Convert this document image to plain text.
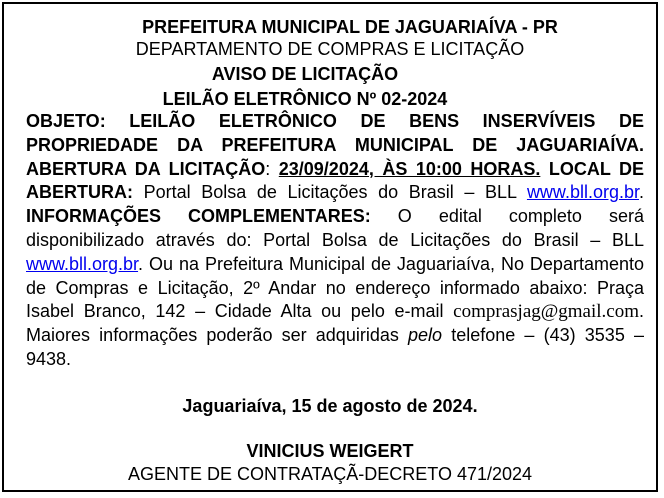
PREFEITURA MUNICIPAL DE JAGUARIAÍVA - PR
DEPARTAMENTO DE COMPRAS E LICITAÇÃO
AVISO DE LICITAÇÃO
LEILÃO ELETRÔNICO Nº 02-2024
OBJETO: LEILÃO ELETRÔNICO DE BENS INSERVÍVEIS DE PROPRIEDADE DA PREFEITURA MUNICIPAL DE JAGUARIAÍVA. ABERTURA DA LICITAÇÃO: 23/09/2024, ÀS 10:00 HORAS. LOCAL DE ABERTURA: Portal Bolsa de Licitações do Brasil – BLL www.bll.org.br. INFORMAÇÕES COMPLEMENTARES: O edital completo será disponibilizado através do: Portal Bolsa de Licitações do Brasil – BLL www.bll.org.br. Ou na Prefeitura Municipal de Jaguariaíva, No Departamento de Compras e Licitação, 2º Andar no endereço informado abaixo: Praça Isabel Branco, 142 – Cidade Alta ou pelo e-mail comprasjag@gmail.com. Maiores informações poderão ser adquiridas pelo telefone – (43) 3535 – 9438.
Jaguariaíva, 15 de agosto de 2024.
VINICIUS WEIGERT
AGENTE DE CONTRATAÇÃ-DECRETO 471/2024
